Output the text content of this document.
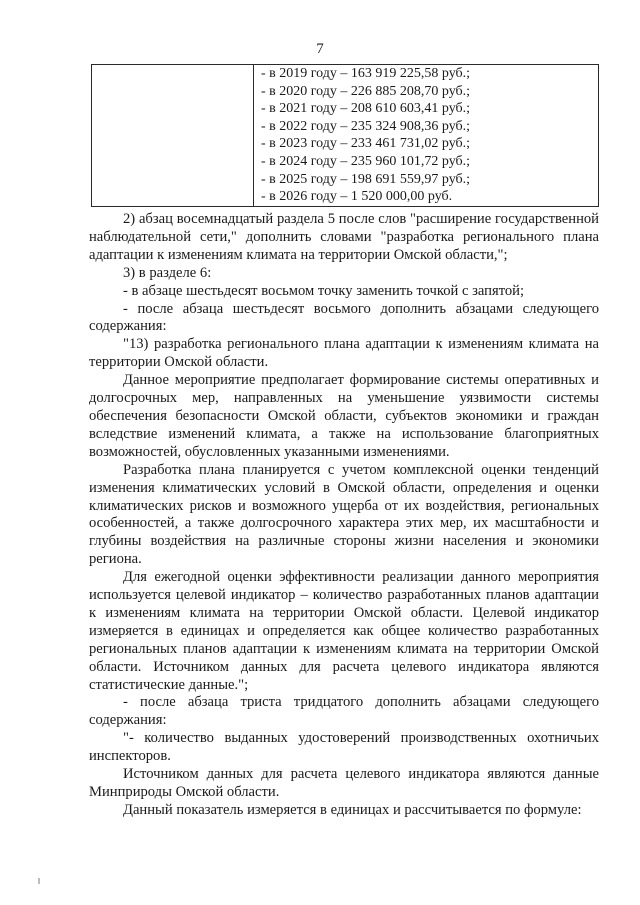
7

- в 2019 году – 163 919 225,58 руб.;
- в 2020 году – 226 885 208,70 руб.;
- в 2021 году – 208 610 603,41 руб.;
- в 2022 году – 235 324 908,36 руб.;
- в 2023 году – 233 461 731,02 руб.;
- в 2024 году – 235 960 101,72 руб.;
- в 2025 году – 198 691 559,97 руб.;
- в 2026 году – 1 520 000,00 руб.

2) абзац восемнадцатый раздела 5 после слов "расширение государственной наблюдательной сети," дополнить словами "разработка регионального плана адаптации к изменениям климата на территории Омской области,";

3) в разделе 6:

- в абзаце шестьдесят восьмом точку заменить точкой с запятой;

- после абзаца шестьдесят восьмого дополнить абзацами следующего содержания:

"13) разработка регионального плана адаптации к изменениям климата на территории Омской области.

Данное мероприятие предполагает формирование системы оперативных и долгосрочных мер, направленных на уменьшение уязвимости системы обеспечения безопасности Омской области, субъектов экономики и граждан вследствие изменений климата, а также на использование благоприятных возможностей, обусловленных указанными изменениями.

Разработка плана планируется с учетом комплексной оценки тенденций изменения климатических условий в Омской области, определения и оценки климатических рисков и возможного ущерба от их воздействия, региональных особенностей, а также долгосрочного характера этих мер, их масштабности и глубины воздействия на различные стороны жизни населения и экономики региона.

Для ежегодной оценки эффективности реализации данного мероприятия используется целевой индикатор – количество разработанных планов адаптации к изменениям климата на территории Омской области. Целевой индикатор измеряется в единицах и определяется как общее количество разработанных региональных планов адаптации к изменениям климата на территории Омской области. Источником данных для расчета целевого индикатора являются статистические данные.";

- после абзаца триста тридцатого дополнить абзацами следующего содержания:

"- количество выданных удостоверений производственных охотничьих инспекторов.

Источником данных для расчета целевого индикатора являются данные Минприроды Омской области.

Данный показатель измеряется в единицах и рассчитывается по формуле:
